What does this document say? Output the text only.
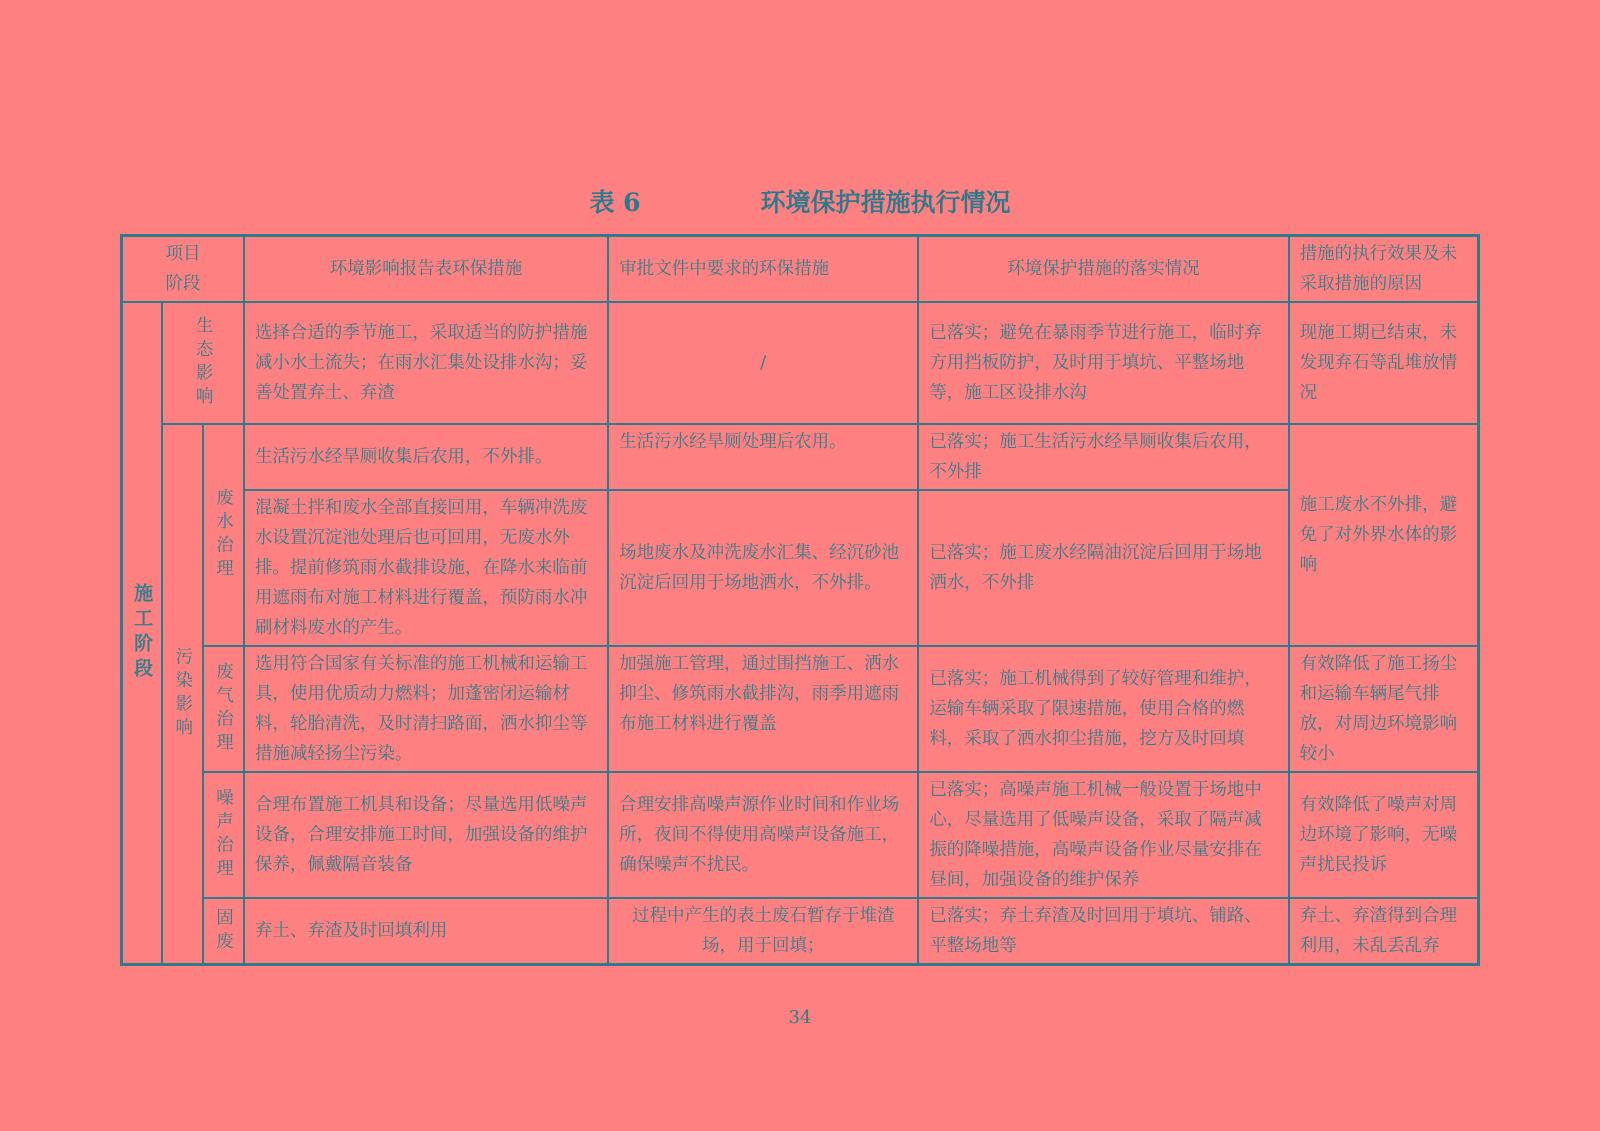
表 6	环境保护措施执行情况
项目
阶段			环境影响报告表环保措施	审批文件中要求的环保措施	环境保护措施的落实情况	措施的执行效果及未采取措施的原因
施工阶段	生态影响		选择合适的季节施工，采取适当的防护措施减小水土流失；在雨水汇集处设排水沟；妥善处置弃土、弃渣	/	已落实；避免在暴雨季节进行施工，临时弃方用挡板防护，及时用于填坑、平整场地等，施工区设排水沟	现施工期已结束，未发现弃石等乱堆放情况
	污染影响	废水治理	生活污水经旱厕收集后农用，不外排。	生活污水经旱厕处理后农用。	已落实；施工生活污水经旱厕收集后农用，不外排	施工废水不外排，避免了对外界水体的影响
			混凝土拌和废水全部直接回用，车辆冲洗废水设置沉淀池处理后也可回用，无废水外排。提前修筑雨水截排设施，在降水来临前用遮雨布对施工材料进行覆盖，预防雨水冲刷材料废水的产生。	场地废水及冲洗废水汇集、经沉砂池沉淀后回用于场地洒水，不外排。	已落实；施工废水经隔油沉淀后回用于场地洒水，不外排	
		废气治理	选用符合国家有关标准的施工机械和运输工具，使用优质动力燃料；加蓬密闭运输材料，轮胎清洗，及时清扫路面，洒水抑尘等措施减轻扬尘污染。	加强施工管理，通过围挡施工、洒水抑尘、修筑雨水截排沟，雨季用遮雨布施工材料进行覆盖	已落实；施工机械得到了较好管理和维护，运输车辆采取了限速措施，使用合格的燃料，采取了洒水抑尘措施，挖方及时回填	有效降低了施工扬尘和运输车辆尾气排放，对周边环境影响较小
		噪声治理	合理布置施工机具和设备；尽量选用低噪声设备，合理安排施工时间，加强设备的维护保养，佩戴隔音装备	合理安排高噪声源作业时间和作业场所，夜间不得使用高噪声设备施工，确保噪声不扰民。	已落实；高噪声施工机械一般设置于场地中心，尽量选用了低噪声设备，采取了隔声减振的降噪措施，高噪声设备作业尽量安排在昼间，加强设备的维护保养	有效降低了噪声对周边环境了影响，无噪声扰民投诉
		固废	弃土、弃渣及时回填利用	过程中产生的表土废石暂存于堆渣场，用于回填；	已落实；弃土弃渣及时回用于填坑、铺路、平整场地等	弃土、弃渣得到合理利用，未乱丢乱弃
34
